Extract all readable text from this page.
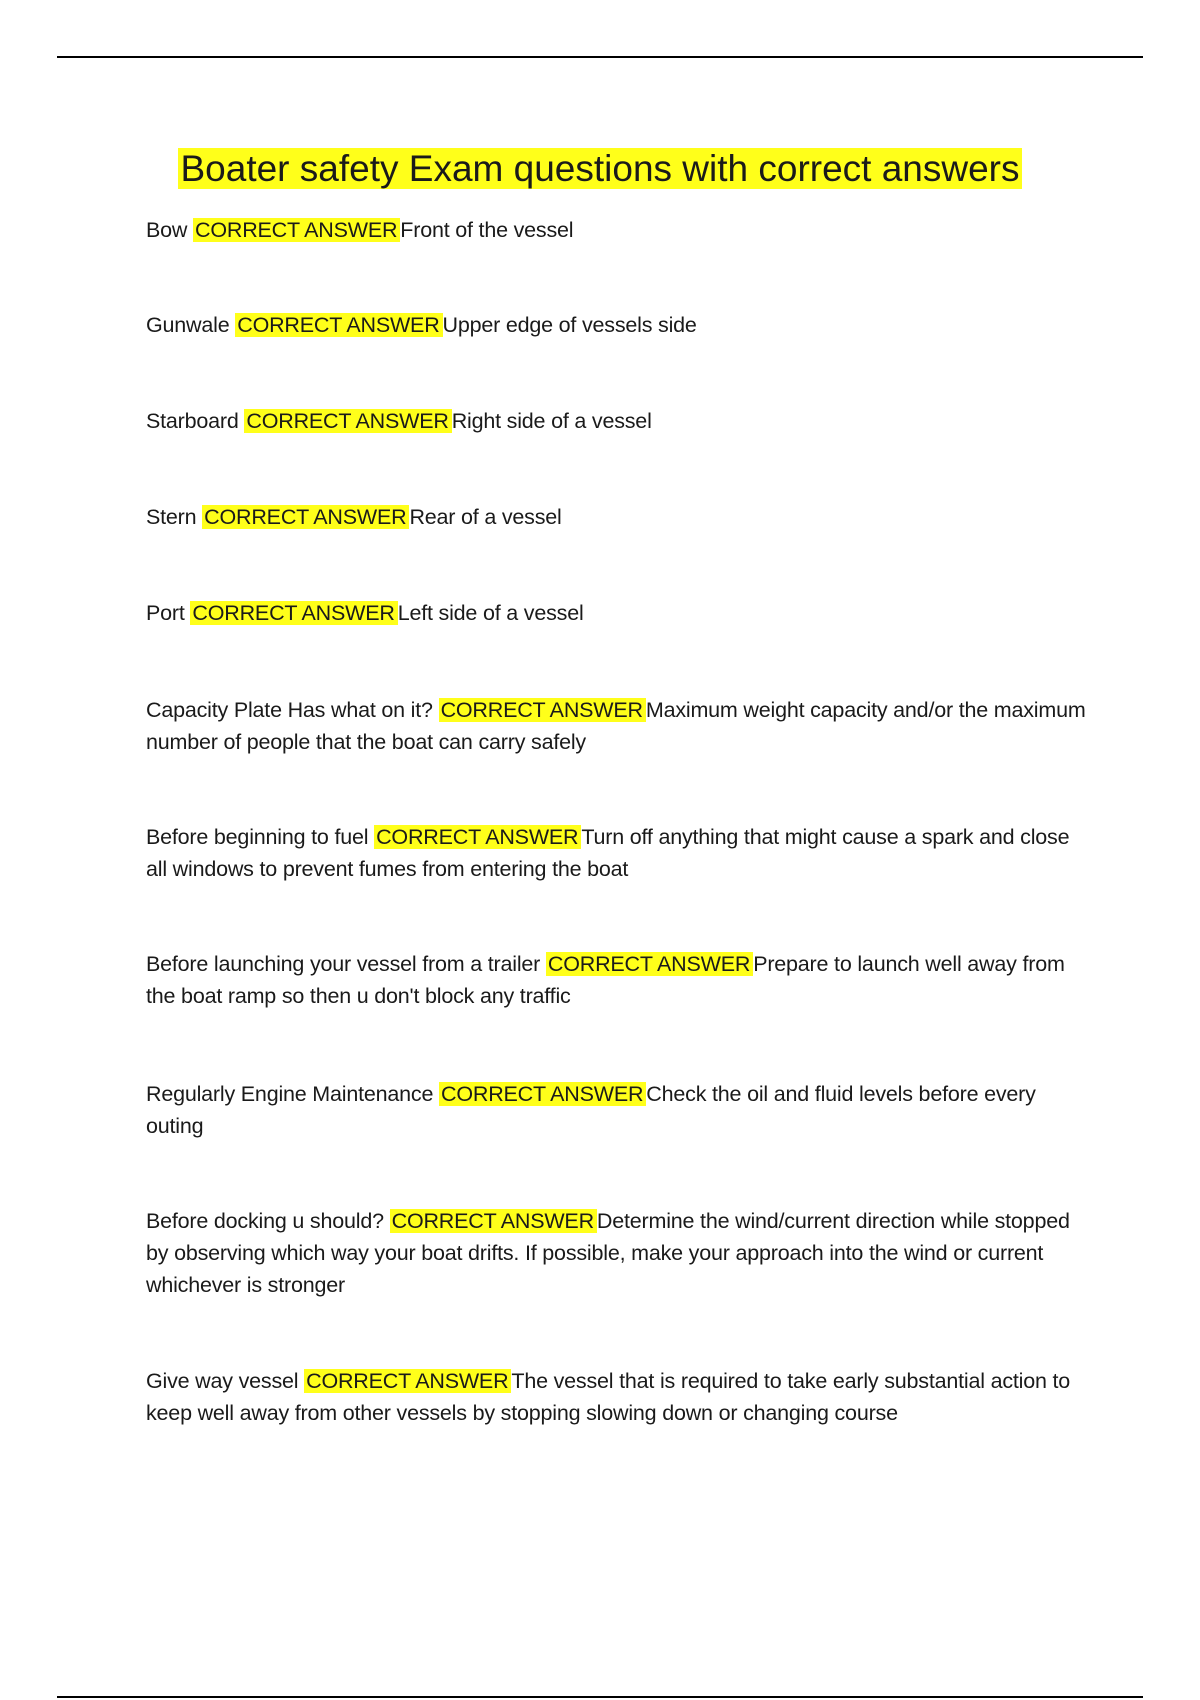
Boater safety Exam questions with correct answers

Bow CORRECT ANSWER Front of the vessel

Gunwale CORRECT ANSWER Upper edge of vessels side

Starboard CORRECT ANSWER Right side of a vessel

Stern CORRECT ANSWER Rear of a vessel

Port CORRECT ANSWER Left side of a vessel

Capacity Plate Has what on it? CORRECT ANSWER Maximum weight capacity and/or the maximum number of people that the boat can carry safely

Before beginning to fuel CORRECT ANSWER Turn off anything that might cause a spark and close all windows to prevent fumes from entering the boat

Before launching your vessel from a trailer CORRECT ANSWER Prepare to launch well away from the boat ramp so then u don't block any traffic

Regularly Engine Maintenance CORRECT ANSWER Check the oil and fluid levels before every outing

Before docking u should? CORRECT ANSWER Determine the wind/current direction while stopped by observing which way your boat drifts. If possible, make your approach into the wind or current whichever is stronger

Give way vessel CORRECT ANSWER The vessel that is required to take early substantial action to keep well away from other vessels by stopping slowing down or changing course
